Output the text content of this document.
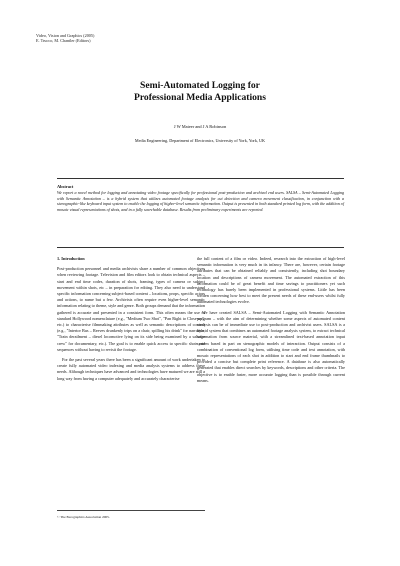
Video, Vision and Graphics (2005)
E. Trucco, M. Chantler (Editors)
Semi-Automated Logging for
Professional Media Applications
J W Mateer and J A Robinson
Media Engineering, Department of Electronics, University of York, York, UK
Abstract
We report a novel method for logging and annotating video footage specifically for professional post-production and archival end users. SALSA – Semi-Automated Logging with Semantic Annotation – is a hybrid system that utilizes automated footage analysis for cut detection and camera movement classification, in conjunction with a stenographic-like keyboard input system to enable the logging of higher-level semantic information. Output is presented in both standard printed log form, with the addition of mosaic visual representations of shots, and in a fully searchable database. Results from preliminary experiments are reported.
1. Introduction

Post-production personnel and media archivists share a number of common objectives when reviewing footage. Television and film editors look to obtain technical aspects – start and end time codes, duration of shots, framing, types of camera or subject movement within shots, etc – in preparation for editing. They also need to understand specific information concerning subject-based content – locations, props, specific actors and actions, to name but a few. Archivists often require even higher-level semantic information relating to theme, style and genre. Both groups demand that the information gathered is accurate and presented in a consistent form. This often means the use of standard Hollywood nomenclature (e.g., "Medium Two Shot", "Pan Right to Close-up", etc.) to characterise filmmaking attributes as well as semantic descriptions of content (e.g., "Interior Bus – Reeves drunkenly trips on a chair, spilling his drink" for narrative, "Train derailment – diesel locomotive lying on its side being examined by a salvage crew" for documentary, etc.). The goal is to enable quick access to specific shots and sequences without having to revisit the footage.

For the past several years there has been a significant amount of work undertaken to create fully automated video indexing and media analysis systems to address these needs. Although techniques have advanced and technologies have matured we are still a long way from having a computer adequately and accurately characterise

the full content of a film or video. Indeed, research into the extraction of high-level semantic information is very much in its infancy. There are, however, certain footage attributes that can be obtained reliably and consistently, including shot boundary location and descriptions of camera movement. The automated extraction of this information could be of great benefit and time savings to practitioners yet such technology has barely been implemented in professional systems. Little has been written concerning how best to meet the present needs of these end-users whilst fully automated technologies evolve.

We have created SALSA – Semi-Automated Logging with Semantic Annotation program – with the aim of determining whether some aspects of automated content analysis can be of immediate use to post-production and archivist users. SALSA is a hybrid system that combines an automated footage analysis system, to extract technical information from source material, with a streamlined text-based annotation input system based in part on stenographic models of interaction. Output consists of a combination of conventional log form, utilising time code and text annotation, with mosaic representations of each shot in addition to start and end frame thumbnails to provided a concise but complete print reference. A database is also automatically generated that enables direct searches by keywords, descriptions and other criteria. The objective is to enable faster, more accurate logging than is possible through current means.

© The Eurographics Association 2005.
